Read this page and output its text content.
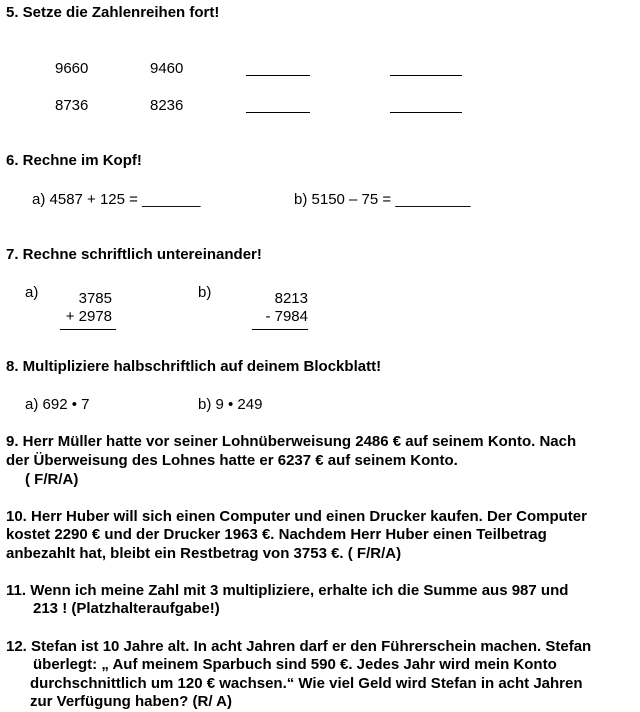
5. Setze die Zahlenreihen fort!
9660	9460
8736	8236
6. Rechne im Kopf!
a) 4587 + 125 = _______	b) 5150 – 75 = _________
7. Rechne schriftlich untereinander!
a)	3785
+ 2978
b)	8213
- 7984
8. Multipliziere halbschriftlich auf deinem Blockblatt!
a) 692 • 7	b) 9 • 249
9. Herr Müller hatte vor seiner Lohnüberweisung 2486 € auf seinem Konto. Nach
der Überweisung des Lohnes hatte er 6237 € auf seinem Konto.
( F/R/A)
10. Herr Huber will sich einen Computer und einen Drucker kaufen. Der Computer
kostet 2290 € und der Drucker 1963 €. Nachdem Herr Huber einen Teilbetrag
anbezahlt hat, bleibt ein Restbetrag von 3753 €. ( F/R/A)
11. Wenn ich meine Zahl mit 3 multipliziere, erhalte ich die Summe aus 987 und
213 ! (Platzhalteraufgabe!)
12. Stefan ist 10 Jahre alt. In acht Jahren darf er den Führerschein machen. Stefan
überlegt: „ Auf meinem Sparbuch sind 590 €. Jedes Jahr wird mein Konto
durchschnittlich um 120 € wachsen.“ Wie viel Geld wird Stefan in acht Jahren
zur Verfügung haben? (R/ A)
